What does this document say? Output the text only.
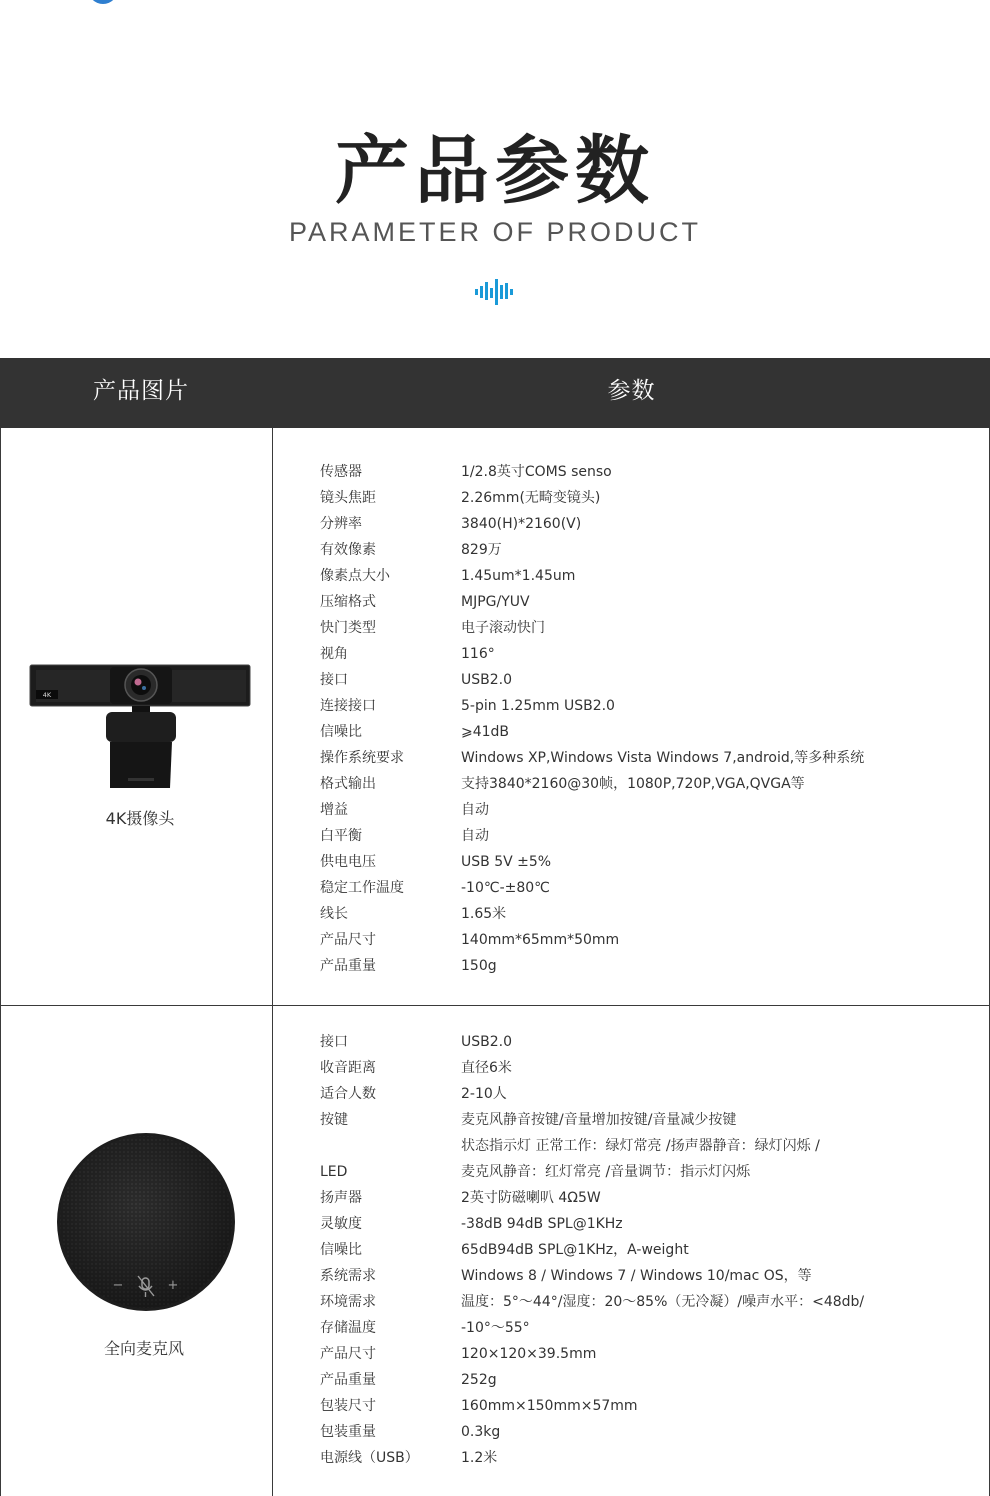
产品参数
PARAMETER OF PRODUCT
产品图片	参数
4K
4K摄像头
传感器	1/2.8英寸COMS senso
镜头焦距	2.26mm(无畸变镜头)
分辨率	3840(H)*2160(V)
有效像素	829万
像素点大小	1.45um*1.45um
压缩格式	MJPG/YUV
快门类型	电子滚动快门
视角	116°
接口	USB2.0
连接接口	5-pin 1.25mm USB2.0
信噪比	⩾41dB
操作系统要求	Windows XP,Windows Vista Windows 7,android,等多种系统
格式输出	支持3840*2160@30帧，1080P,720P,VGA,QVGA等
增益	自动
白平衡	自动
供电电压	USB 5V ±5%
稳定工作温度	-10℃-±80℃
线长	1.65米
产品尺寸	140mm*65mm*50mm
产品重量	150g
−	+
全向麦克风
接口	USB2.0
收音距离	直径6米
适合人数	2-10人
按键	麦克风静音按键/音量增加按键/音量减少按键
状态指示灯 正常工作：绿灯常亮 /扬声器静音：绿灯闪烁 /
LED	麦克风静音：红灯常亮 /音量调节：指示灯闪烁
扬声器	2英寸防磁喇叭 4Ω5W
灵敏度	-38dB 94dB SPL@1KHz
信噪比	65dB94dB SPL@1KHz，A-weight
系统需求	Windows 8 / Windows 7 / Windows 10/mac OS，等
环境需求	温度：5°～44°/湿度：20～85%（无冷凝）/噪声水平：<48db/
存储温度	-10°～55°
产品尺寸	120×120×39.5mm
产品重量	252g
包装尺寸	160mm×150mm×57mm
包装重量	0.3kg
电源线（USB）	1.2米
